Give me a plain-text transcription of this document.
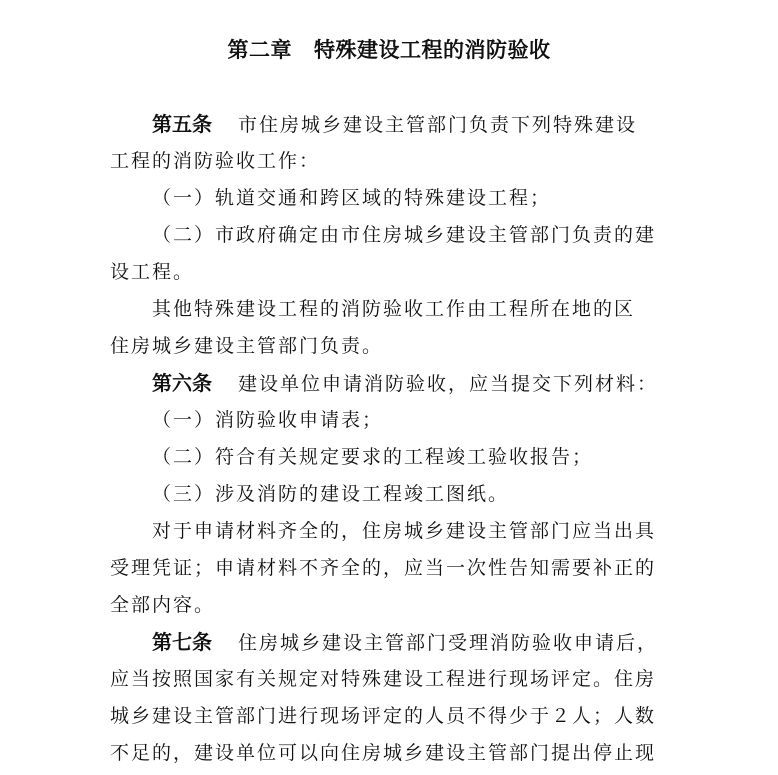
第二章 特殊建设工程的消防验收
第五条 市住房城乡建设主管部门负责下列特殊建设
工程的消防验收工作：
（一）轨道交通和跨区域的特殊建设工程；
（二）市政府确定由市住房城乡建设主管部门负责的建
设工程。
其他特殊建设工程的消防验收工作由工程所在地的区
住房城乡建设主管部门负责。
第六条 建设单位申请消防验收，应当提交下列材料：
（一）消防验收申请表；
（二）符合有关规定要求的工程竣工验收报告；
（三）涉及消防的建设工程竣工图纸。
对于申请材料齐全的，住房城乡建设主管部门应当出具
受理凭证；申请材料不齐全的，应当一次性告知需要补正的
全部内容。
第七条 住房城乡建设主管部门受理消防验收申请后，
应当按照国家有关规定对特殊建设工程进行现场评定。住房
城乡建设主管部门进行现场评定的人员不得少于２人；人数
不足的，建设单位可以向住房城乡建设主管部门提出停止现
